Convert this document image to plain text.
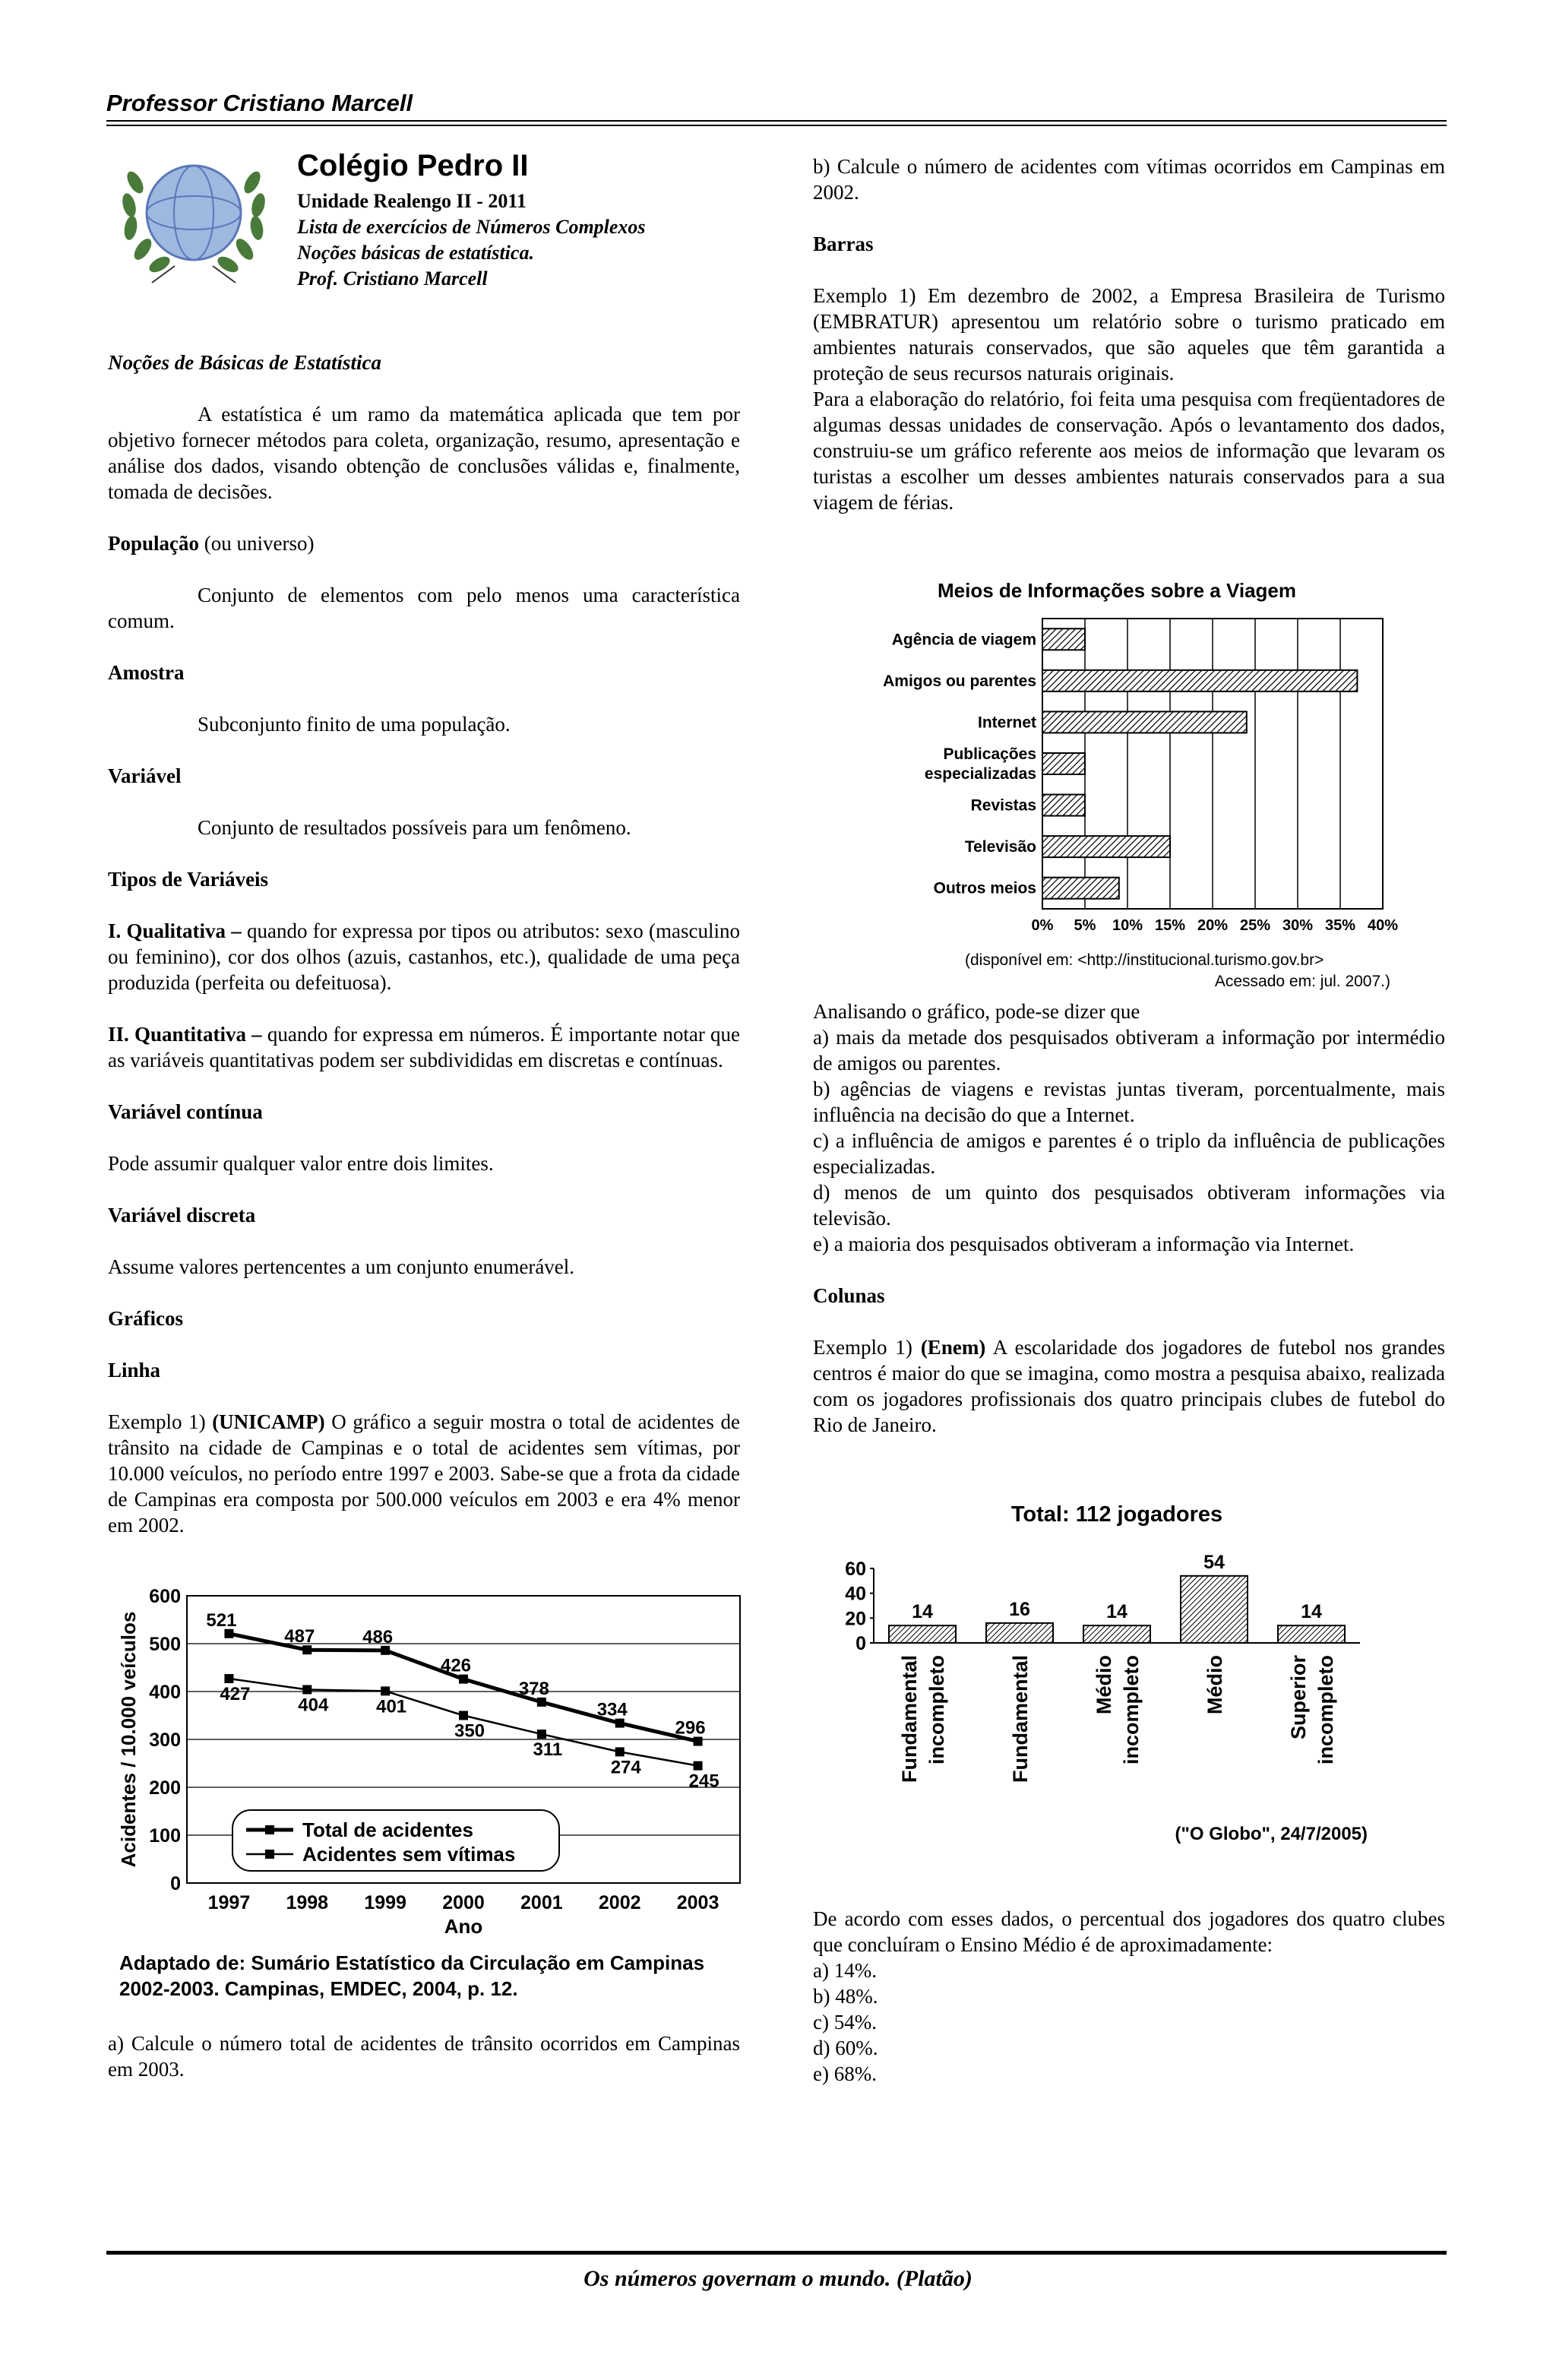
Professor Cristiano Marcell
Colégio Pedro II
Unidade Realengo II - 2011
Lista de exercícios de Números Complexos
Noções básicas de estatística.
Prof. Cristiano Marcell

Noções de Básicas de Estatística

A estatística é um ramo da matemática aplicada que tem por objetivo fornecer métodos para coleta, organização, resumo, apresentação e análise dos dados, visando obtenção de conclusões válidas e, finalmente, tomada de decisões.

População (ou universo)

Conjunto de elementos com pelo menos uma característica comum.

Amostra

Subconjunto finito de uma população.

Variável

Conjunto de resultados possíveis para um fenômeno.

Tipos de Variáveis

I. Qualitativa – quando for expressa por tipos ou atributos: sexo (masculino ou feminino), cor dos olhos (azuis, castanhos, etc.), qualidade de uma peça produzida (perfeita ou defeituosa).

II. Quantitativa – quando for expressa em números. É importante notar que as variáveis quantitativas podem ser subdivididas em discretas e contínuas.

Variável contínua

Pode assumir qualquer valor entre dois limites.

Variável discreta

Assume valores pertencentes a um conjunto enumerável.

Gráficos

Linha

Exemplo 1) (UNICAMP) O gráfico a seguir mostra o total de acidentes de trânsito na cidade de Campinas e o total de acidentes sem vítimas, por 10.000 veículos, no período entre 1997 e 2003. Sabe-se que a frota da cidade de Campinas era composta por 500.000 veículos em 2003 e era 4% menor em 2002.

0
100
200
300
400
500
600
1997 1998 1999 2000 2001 2002 2003
Ano
Acidentes / 10.000 veículos	521
487	486
426
378
334
296
427
404	401
350
311
274
245
Total de acidentes
Acidentes sem vítimas
Adaptado de: Sumário Estatístico da Circulação em Campinas
2002-2003. Campinas, EMDEC, 2004, p. 12.
a) Calcule o número total de acidentes de trânsito ocorridos em Campinas em 2003.

b) Calcule o número de acidentes com vítimas ocorridos em Campinas em 2002.

Barras

Exemplo 1) Em dezembro de 2002, a Empresa Brasileira de Turismo (EMBRATUR) apresentou um relatório sobre o turismo praticado em ambientes naturais conservados, que são aqueles que têm garantida a proteção de seus recursos naturais originais.

Para a elaboração do relatório, foi feita uma pesquisa com freqüentadores de algumas dessas unidades de conservação. Após o levantamento dos dados, construiu-se um gráfico referente aos meios de informação que levaram os turistas a escolher um desses ambientes naturais conservados para a sua viagem de férias.

Meios de Informações sobre a Viagem
0% 5% 10% 15% 20% 25% 30% 35% 40%
Agência de viagem
Amigos ou parentes
Internet
Publicações
especializadas
Revistas
Televisão
Outros meios
(disponível em: <http://institucional.turismo.gov.br>
Acessado em: jul. 2007.)

Analisando o gráfico, pode-se dizer que

a) mais da metade dos pesquisados obtiveram a informação por intermédio de amigos ou parentes.

b) agências de viagens e revistas juntas tiveram, porcentualmente, mais influência na decisão do que a Internet.

c) a influência de amigos e parentes é o triplo da influência de publicações especializadas.

d) menos de um quinto dos pesquisados obtiveram informações via televisão.

e) a maioria dos pesquisados obtiveram a informação via Internet.

Colunas

Exemplo 1) (Enem) A escolaridade dos jogadores de futebol nos grandes centros é maior do que se imagina, como mostra a pesquisa abaixo, realizada com os jogadores profissionais dos quatro principais clubes de futebol do Rio de Janeiro.

Total: 112 jogadores
0
20
40
60
14
Fundamental incompleto
16
Fundamental
14
Médio incompleto
54
Médio
14
Superior incompleto
("O Globo", 24/7/2005)

De acordo com esses dados, o percentual dos jogadores dos quatro clubes que concluíram o Ensino Médio é de aproximadamente:

a) 14%.

b) 48%.

c) 54%.

d) 60%.

e) 68%.

Os números governam o mundo. (Platão)
